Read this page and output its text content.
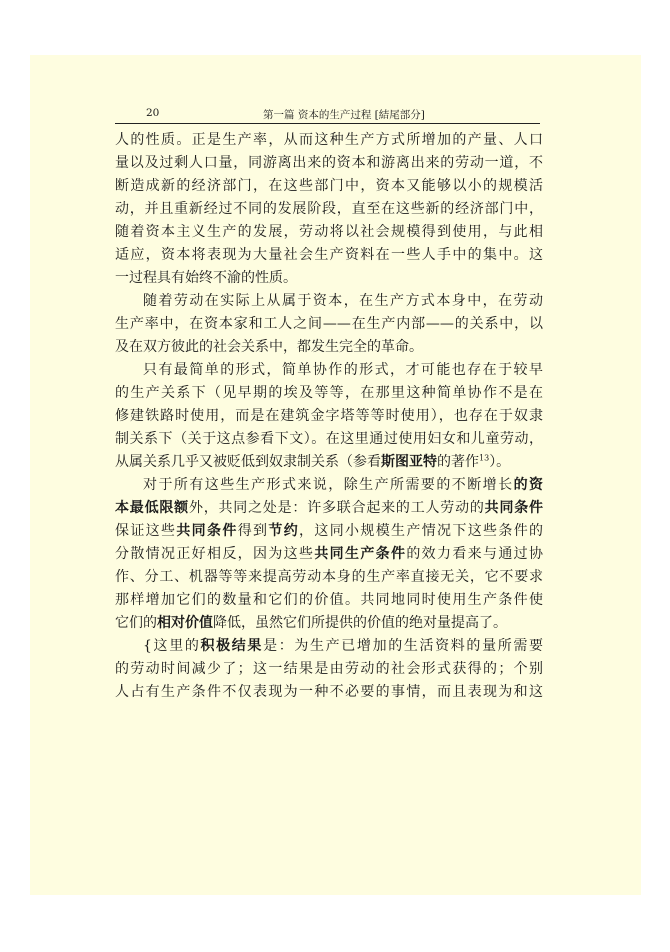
20	第一篇 资本的生产过程 [結尾部分]

人的性质。正是生产率，从而这种生产方式所增加的产量、人口
量以及过剩人口量，同游离出来的资本和游离出来的劳动一道，不
断造成新的经济部门，在这些部门中，资本又能够以小的规模活
动，并且重新经过不同的发展阶段，直至在这些新的经济部门中，
随着资本主义生产的发展，劳动将以社会规模得到使用，与此相
适应，资本将表现为大量社会生产资料在一些人手中的集中。这
一过程具有始终不渝的性质。

随着劳动在实际上从属于资本，在生产方式本身中，在劳动
生产率中，在资本家和工人之间——在生产内部——的关系中，以
及在双方彼此的社会关系中，都发生完全的革命。

只有最简单的形式，简单协作的形式，才可能也存在于较早
的生产关系下（见早期的埃及等等，在那里这种简单协作不是在
修建铁路时使用，而是在建筑金字塔等等时使用），也存在于奴隶
制关系下（关于这点参看下文）。在这里通过使用妇女和儿童劳动，
从属关系几乎又被贬低到奴隶制关系（参看斯图亚特的著作$^{13}$）。

对于所有这些生产形式来说，除生产所需要的不断增长的资
本最低限额外，共同之处是：许多联合起来的工人劳动的共同条件
保证这些共同条件得到节约，这同小规模生产情况下这些条件的
分散情况正好相反，因为这些共同生产条件的效力看来与通过协
作、分工、机器等等来提高劳动本身的生产率直接无关，它不要求
那样增加它们的数量和它们的价值。共同地同时使用生产条件使
它们的相对价值降低，虽然它们所提供的价值的绝对量提高了。

{这里的积极结果是：为生产已增加的生活资料的量所需要
的劳动时间减少了；这一结果是由劳动的社会形式获得的；个别
人占有生产条件不仅表现为一种不必要的事情，而且表现为和这
